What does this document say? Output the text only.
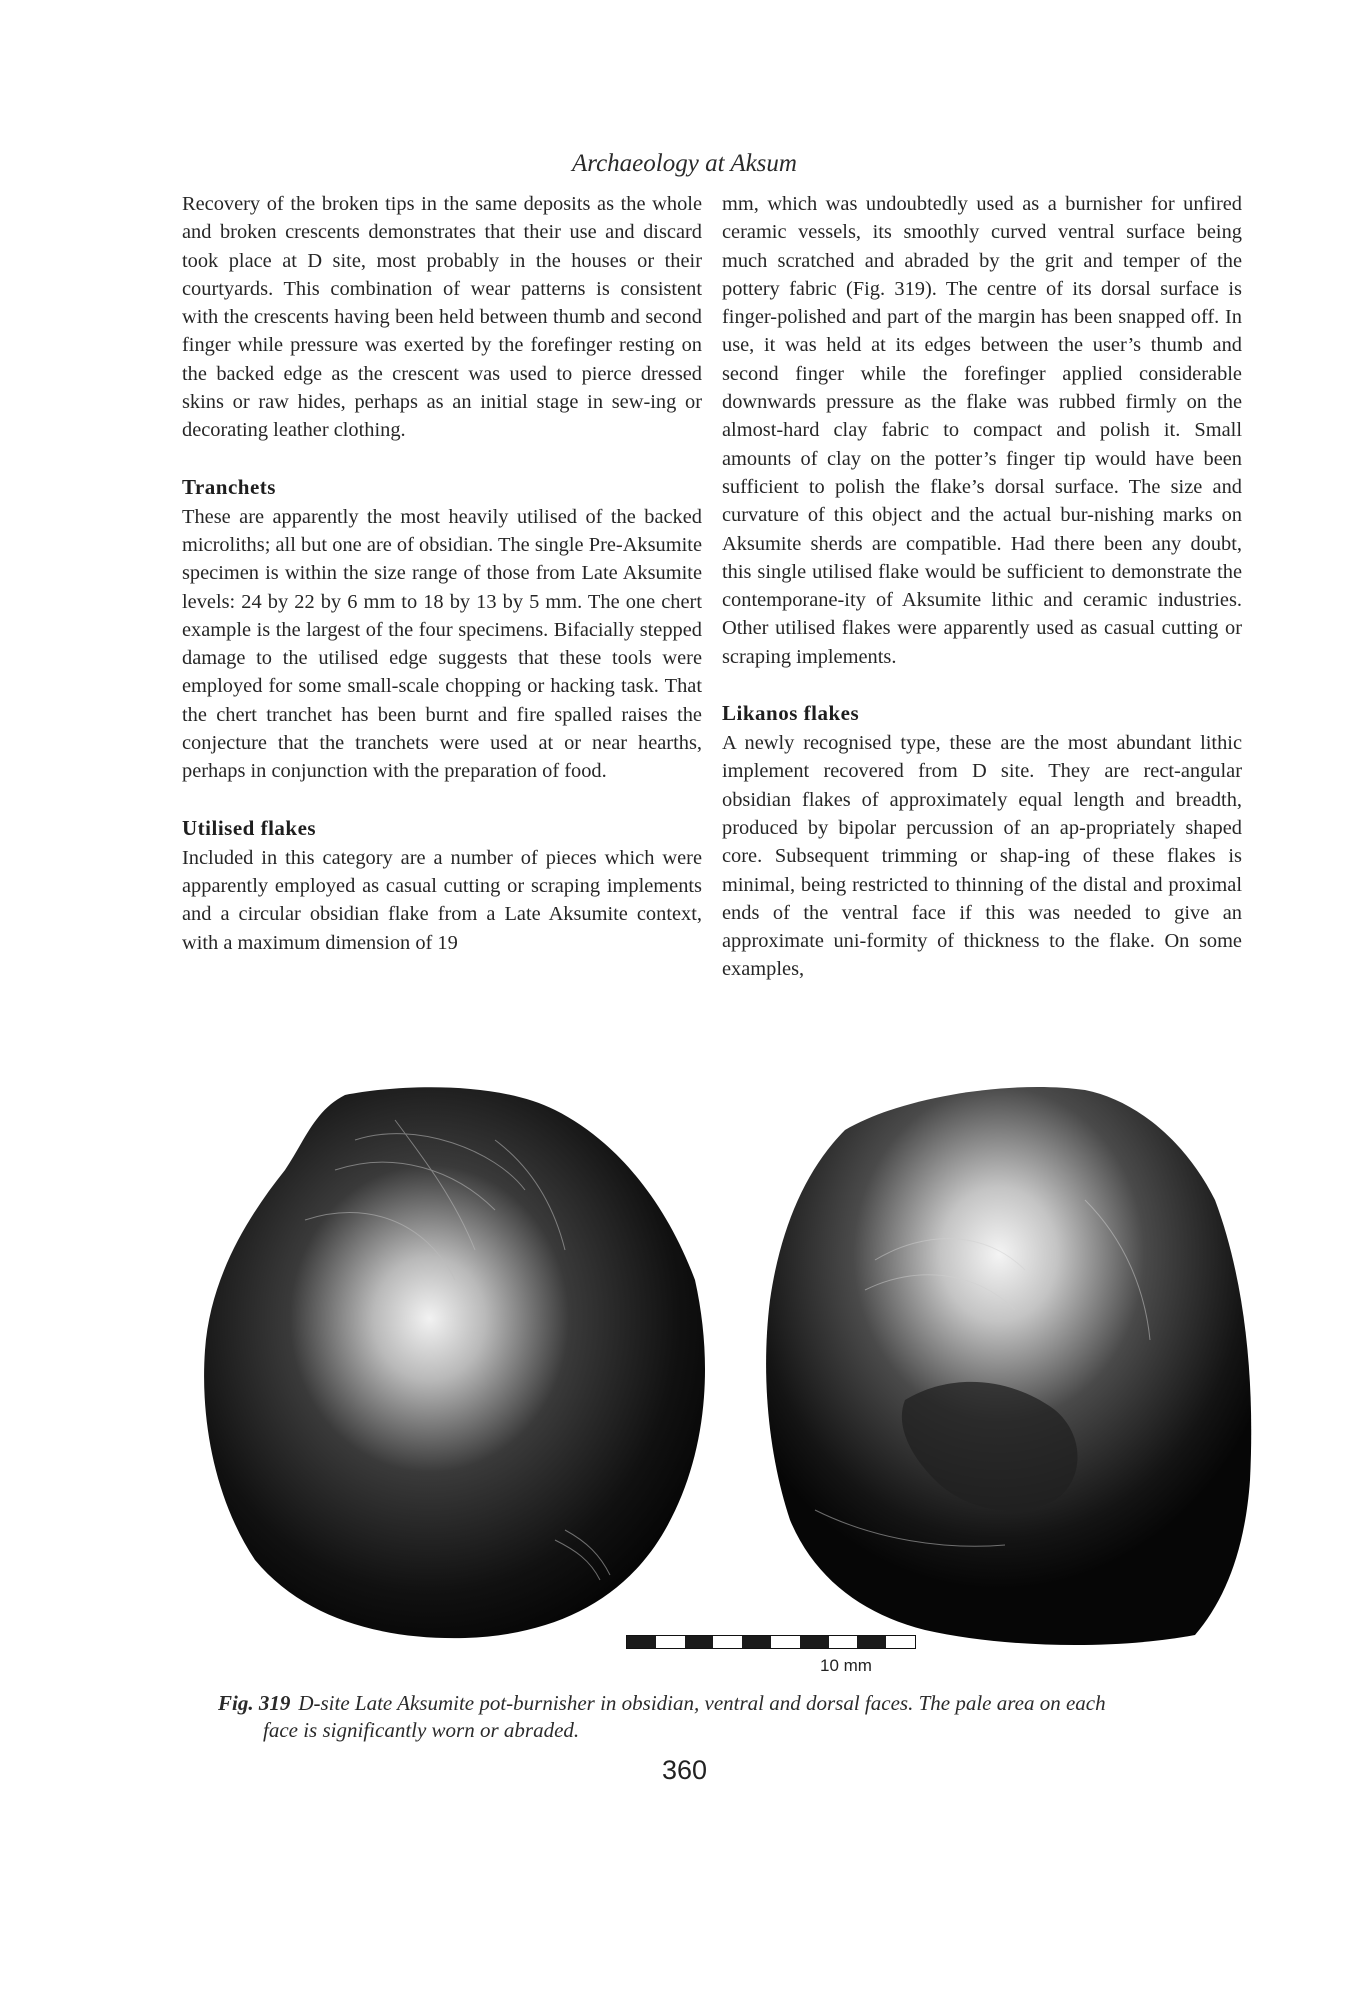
Archaeology at Aksum

Recovery of the broken tips in the same deposits as the whole and broken crescents demonstrates that their use and discard took place at D site, most probably in the houses or their courtyards. This combination of wear patterns is consistent with the crescents having been held between thumb and second finger while pressure was exerted by the forefinger resting on the backed edge as the crescent was used to pierce dressed skins or raw hides, perhaps as an initial stage in sew-ing or decorating leather clothing.

Tranchets

These are apparently the most heavily utilised of the backed microliths; all but one are of obsidian. The single Pre-Aksumite specimen is within the size range of those from Late Aksumite levels: 24 by 22 by 6 mm to 18 by 13 by 5 mm. The one chert example is the largest of the four specimens. Bifacially stepped damage to the utilised edge suggests that these tools were employed for some small-scale chopping or hacking task. That the chert tranchet has been burnt and fire spalled raises the conjecture that the tranchets were used at or near hearths, perhaps in conjunction with the preparation of food.

Utilised flakes

Included in this category are a number of pieces which were apparently employed as casual cutting or scraping implements and a circular obsidian flake from a Late Aksumite context, with a maximum dimension of 19

mm, which was undoubtedly used as a burnisher for unfired ceramic vessels, its smoothly curved ventral surface being much scratched and abraded by the grit and temper of the pottery fabric (Fig. 319). The centre of its dorsal surface is finger-polished and part of the margin has been snapped off. In use, it was held at its edges between the user’s thumb and second finger while the forefinger applied considerable downwards pressure as the flake was rubbed firmly on the almost-hard clay fabric to compact and polish it. Small amounts of clay on the potter’s finger tip would have been sufficient to polish the flake’s dorsal surface. The size and curvature of this object and the actual bur-nishing marks on Aksumite sherds are compatible. Had there been any doubt, this single utilised flake would be sufficient to demonstrate the contemporane-ity of Aksumite lithic and ceramic industries. Other utilised flakes were apparently used as casual cutting or scraping implements.

Likanos flakes

A newly recognised type, these are the most abundant lithic implement recovered from D site. They are rect-angular obsidian flakes of approximately equal length and breadth, produced by bipolar percussion of an ap-propriately shaped core. Subsequent trimming or shap-ing of these flakes is minimal, being restricted to thinning of the distal and proximal ends of the ventral face if this was needed to give an approximate uni-formity of thickness to the flake. On some examples,

10 mm
Fig. 319 D-site Late Aksumite pot-burnisher in obsidian, ventral and dorsal faces. The pale area on each
face is significantly worn or abraded.
360
